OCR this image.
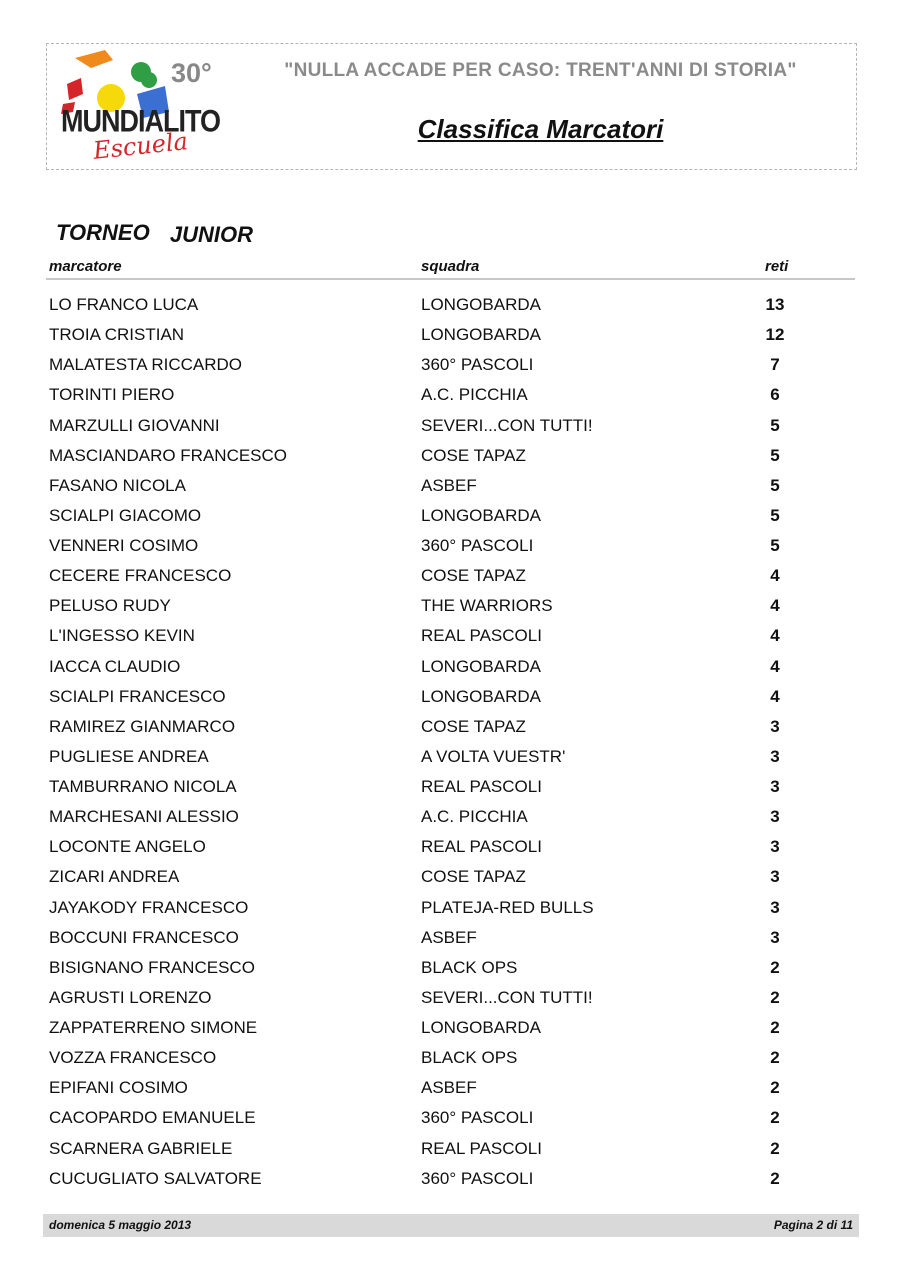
30°
MUNDIALITO
Escuela
"NULLA ACCADE PER CASO: TRENT'ANNI DI STORIA"
Classifica Marcatori
TORNEO JUNIOR
marcatore	squadra	reti
LO FRANCO LUCA	LONGOBARDA	13
TROIA CRISTIAN	LONGOBARDA	12
MALATESTA RICCARDO	360° PASCOLI	7
TORINTI PIERO	A.C. PICCHIA	6
MARZULLI GIOVANNI	SEVERI...CON TUTTI!	5
MASCIANDARO FRANCESCO	COSE TAPAZ	5
FASANO NICOLA	ASBEF	5
SCIALPI GIACOMO	LONGOBARDA	5
VENNERI COSIMO	360° PASCOLI	5
CECERE FRANCESCO	COSE TAPAZ	4
PELUSO RUDY	THE WARRIORS	4
L'INGESSO KEVIN	REAL PASCOLI	4
IACCA CLAUDIO	LONGOBARDA	4
SCIALPI FRANCESCO	LONGOBARDA	4
RAMIREZ GIANMARCO	COSE TAPAZ	3
PUGLIESE ANDREA	A VOLTA VUESTR'	3
TAMBURRANO NICOLA	REAL PASCOLI	3
MARCHESANI ALESSIO	A.C. PICCHIA	3
LOCONTE ANGELO	REAL PASCOLI	3
ZICARI ANDREA	COSE TAPAZ	3
JAYAKODY FRANCESCO	PLATEJA-RED BULLS	3
BOCCUNI FRANCESCO	ASBEF	3
BISIGNANO FRANCESCO	BLACK OPS	2
AGRUSTI LORENZO	SEVERI...CON TUTTI!	2
ZAPPATERRENO SIMONE	LONGOBARDA	2
VOZZA FRANCESCO	BLACK OPS	2
EPIFANI COSIMO	ASBEF	2
CACOPARDO EMANUELE	360° PASCOLI	2
SCARNERA GABRIELE	REAL PASCOLI	2
CUCUGLIATO SALVATORE	360° PASCOLI	2
domenica 5 maggio 2013	Pagina 2 di 11
